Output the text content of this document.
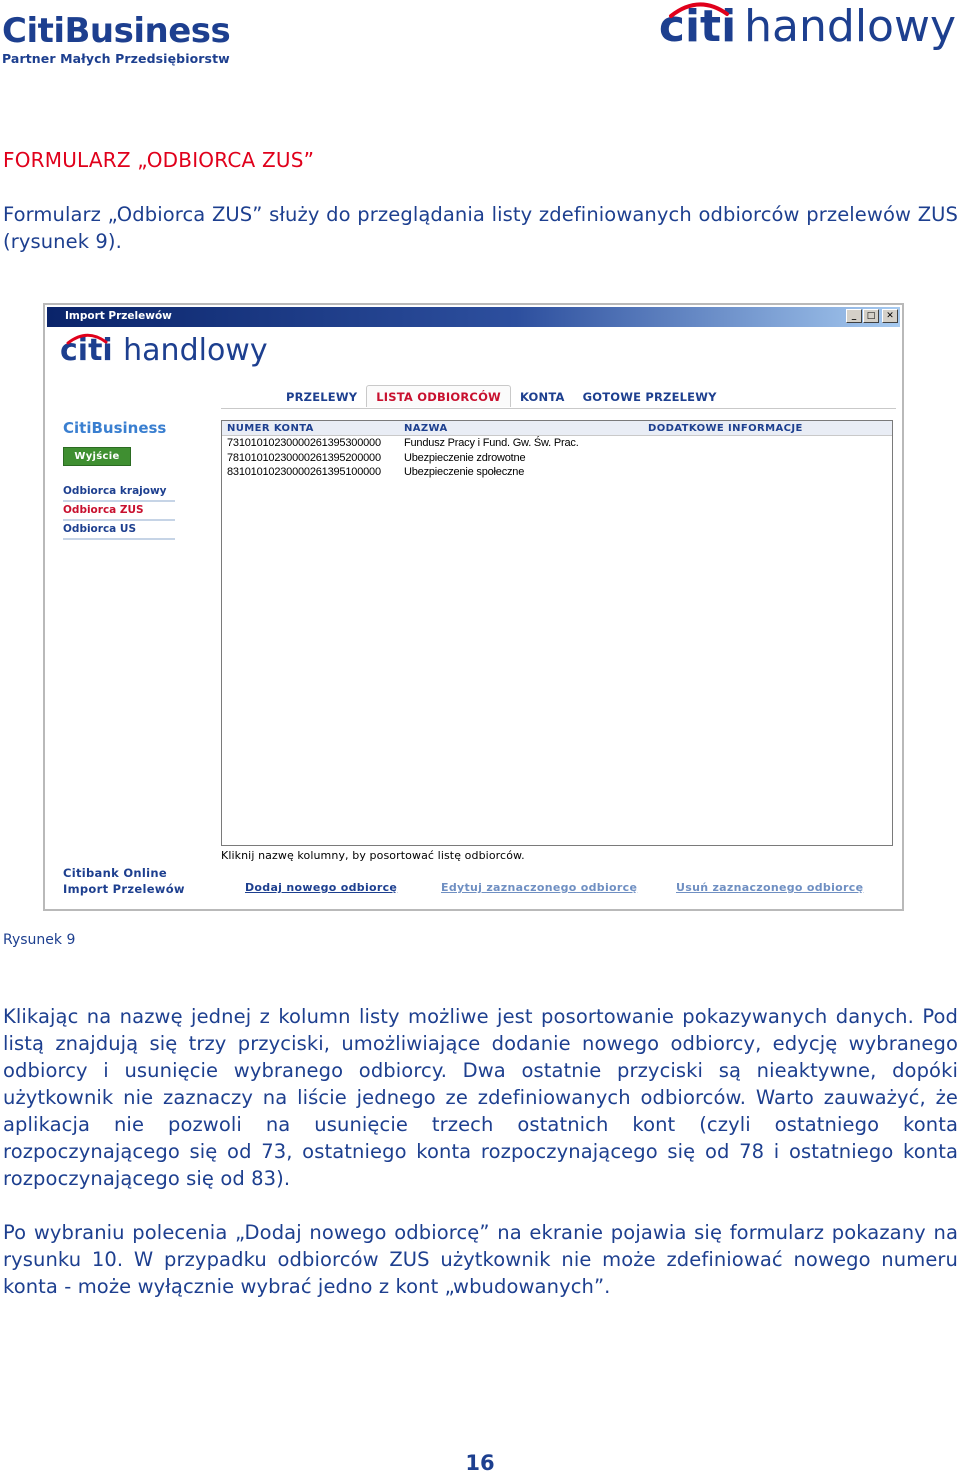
CitiBusiness
Partner Małych Przedsiębiorstw
citi handlowy
FORMULARZ „ODBIORCA ZUS”
Formularz „Odbiorca ZUS” służy do przeglądania listy zdefiniowanych odbiorców przelewów ZUS (rysunek 9).
Import Przelewów	_	□	✕
citi handlowy
PRZELEWY	LISTA ODBIORCÓW	KONTA	GOTOWE PRZELEWY
CitiBusiness
Wyjście
Odbiorca krajowy
Odbiorca ZUS
Odbiorca US
Citibank Online
Import Przelewów
NUMER KONTA	NAZWA	DODATKOWE INFORMACJE
73101010230000261395300000	Fundusz Pracy i Fund. Gw. Św. Prac.
78101010230000261395200000	Ubezpieczenie zdrowotne
83101010230000261395100000	Ubezpieczenie społeczne
Kliknij nazwę kolumny, by posortować listę odbiorców.
Dodaj nowego odbiorcę	Edytuj zaznaczonego odbiorcę	Usuń zaznaczonego odbiorcę
Rysunek 9
Klikając na nazwę jednej z kolumn listy możliwe jest posortowanie pokazywanych danych. Pod listą znajdują się trzy przyciski, umożliwiające dodanie nowego odbiorcy, edycję wybranego odbiorcy i usunięcie wybranego odbiorcy. Dwa ostatnie przyciski są nieaktywne, dopóki użytkownik nie zaznaczy na liście jednego ze zdefiniowanych odbiorców. Warto zauważyć, że aplikacja nie pozwoli na usunięcie trzech ostatnich kont (czyli ostatniego konta rozpoczynającego się od 73, ostatniego konta rozpoczynającego się od 78 i ostatniego konta rozpoczynającego się od 83).
Po wybraniu polecenia „Dodaj nowego odbiorcę” na ekranie pojawia się formularz pokazany na rysunku 10. W przypadku odbiorców ZUS użytkownik nie może zdefiniować nowego numeru konta - może wyłącznie wybrać jedno z kont „wbudowanych”.
16
